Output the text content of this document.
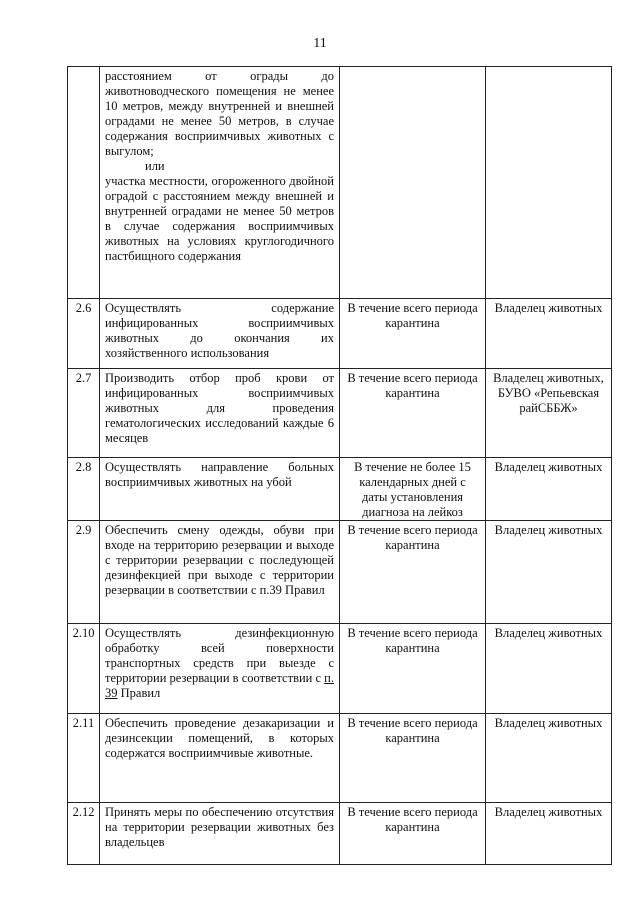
11
	расстоянием от ограды до животноводческого помещения не менее 10 метров, между внутренней и внешней оградами не менее 50 метров, в случае содержания восприимчивых животных с выгулом;
или
участка местности, огороженного двойной оградой с расстоянием между внешней и внутренней оградами не менее 50 метров в случае содержания восприимчивых животных на условиях круглогодичного пастбищного содержания		
2.6	Осуществлять содержание инфицированных восприимчивых животных до окончания их хозяйственного использования	В течение всего периода карантина	Владелец животных
2.7	Производить отбор проб крови от инфицированных восприимчивых животных для проведения гематологических исследований каждые 6 месяцев	В течение всего периода карантина	Владелец животных, БУВО «Репьевская райСББЖ»
2.8	Осуществлять направление больных восприимчивых животных на убой	В течение не более 15 календарных дней с даты установления диагноза на лейкоз	Владелец животных
2.9	Обеспечить смену одежды, обуви при входе на территорию резервации и выходе с территории резервации с последующей дезинфекцией при выходе с территории резервации в соответствии с п.39 Правил	В течение всего периода карантина	Владелец животных
2.10	Осуществлять дезинфекционную обработку всей поверхности транспортных средств при выезде с территории резервации в соответствии с п. 39 Правил	В течение всего периода карантина	Владелец животных
2.11	Обеспечить проведение дезакаризации и дезинсекции помещений, в которых содержатся восприимчивые животные.	В течение всего периода карантина	Владелец животных
2.12	Принять меры по обеспечению отсутствия на территории резервации животных без владельцев	В течение всего периода карантина	Владелец животных
